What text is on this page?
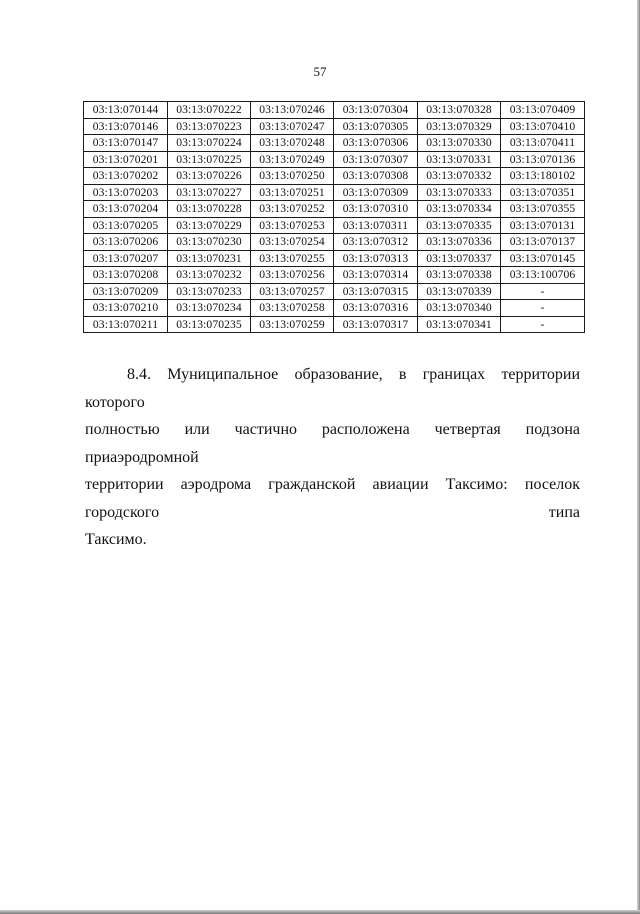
57
03:13:070144	03:13:070222	03:13:070246	03:13:070304	03:13:070328	03:13:070409
03:13:070146	03:13:070223	03:13:070247	03:13:070305	03:13:070329	03:13:070410
03:13:070147	03:13:070224	03:13:070248	03:13:070306	03:13:070330	03:13:070411
03:13:070201	03:13:070225	03:13:070249	03:13:070307	03:13:070331	03:13:070136
03:13:070202	03:13:070226	03:13:070250	03:13:070308	03:13:070332	03:13:180102
03:13:070203	03:13:070227	03:13:070251	03:13:070309	03:13:070333	03:13:070351
03:13:070204	03:13:070228	03:13:070252	03:13:070310	03:13:070334	03:13:070355
03:13:070205	03:13:070229	03:13:070253	03:13:070311	03:13:070335	03:13:070131
03:13:070206	03:13:070230	03:13:070254	03:13:070312	03:13:070336	03:13:070137
03:13:070207	03:13:070231	03:13:070255	03:13:070313	03:13:070337	03:13:070145
03:13:070208	03:13:070232	03:13:070256	03:13:070314	03:13:070338	03:13:100706
03:13:070209	03:13:070233	03:13:070257	03:13:070315	03:13:070339	-
03:13:070210	03:13:070234	03:13:070258	03:13:070316	03:13:070340	-
03:13:070211	03:13:070235	03:13:070259	03:13:070317	03:13:070341	-
8.4. Муниципальное образование, в границах территории которого
полностью или частично расположена четвертая подзона приаэродромной
территории аэродрома гражданской авиации Таксимо: поселок городского типа
Таксимо.
